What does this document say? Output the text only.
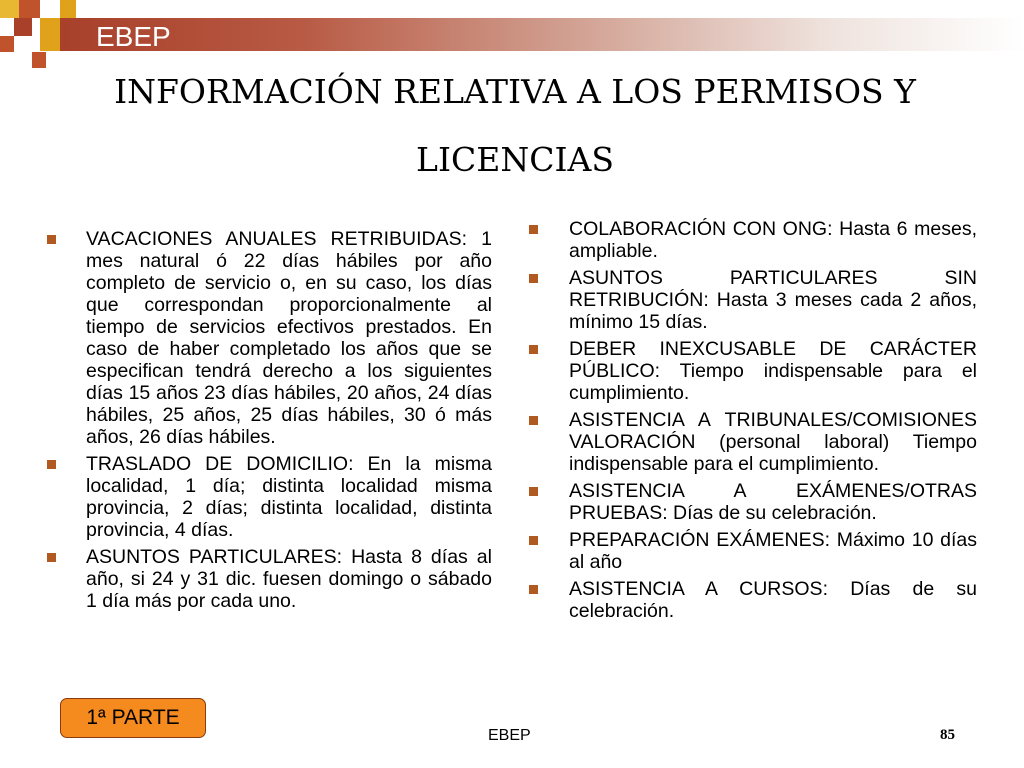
EBEP
INFORMACIÓN RELATIVA A LOS PERMISOS Y
LICENCIAS
VACACIONES ANUALES RETRIBUIDAS: 1 mes natural ó 22 días hábiles por año completo de servicio o, en su caso, los días que correspondan proporcionalmente al tiempo de servicios efectivos prestados. En caso de haber completado los años que se especifican tendrá derecho a los siguientes días 15 años 23 días hábiles, 20 años, 24 días hábiles, 25 años, 25 días hábiles, 30 ó más años, 26 días hábiles.
TRASLADO DE DOMICILIO: En la misma localidad, 1 día; distinta localidad misma provincia, 2 días; distinta localidad, distinta provincia, 4 días.
ASUNTOS PARTICULARES: Hasta 8 días al año, si 24 y 31 dic. fuesen domingo o sábado 1 día más por cada uno.
COLABORACIÓN CON ONG: Hasta 6 meses, ampliable.
ASUNTOS PARTICULARES SIN RETRIBUCIÓN: Hasta 3 meses cada 2 años, mínimo 15 días.
DEBER INEXCUSABLE DE CARÁCTER PÚBLICO: Tiempo indispensable para el cumplimiento.
ASISTENCIA A TRIBUNALES/COMISIONES VALORACIÓN (personal laboral) Tiempo indispensable para el cumplimiento.
ASISTENCIA A EXÁMENES/OTRAS PRUEBAS: Días de su celebración.
PREPARACIÓN EXÁMENES: Máximo 10 días al año
ASISTENCIA A CURSOS: Días de su celebración.
1ª PARTE
EBEP	85
